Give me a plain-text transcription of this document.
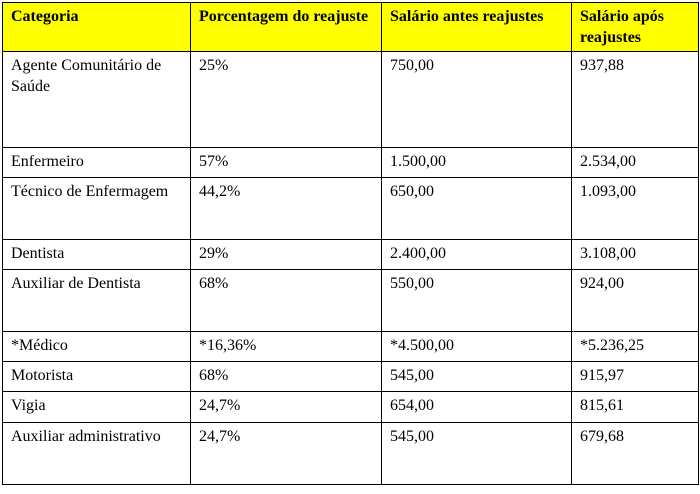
Categoria	Porcentagem do reajuste	Salário antes reajustes	Salário após reajustes
Agente Comunitário de Saúde	25%	750,00	937,88
Enfermeiro	57%	1.500,00	2.534,00
Técnico de Enfermagem	44,2%	650,00	1.093,00
Dentista	29%	2.400,00	3.108,00
Auxiliar de Dentista	68%	550,00	924,00
*Médico	*16,36%	*4.500,00	*5.236,25
Motorista	68%	545,00	915,97
Vigia	24,7%	654,00	815,61
Auxiliar administrativo	24,7%	545,00	679,68
